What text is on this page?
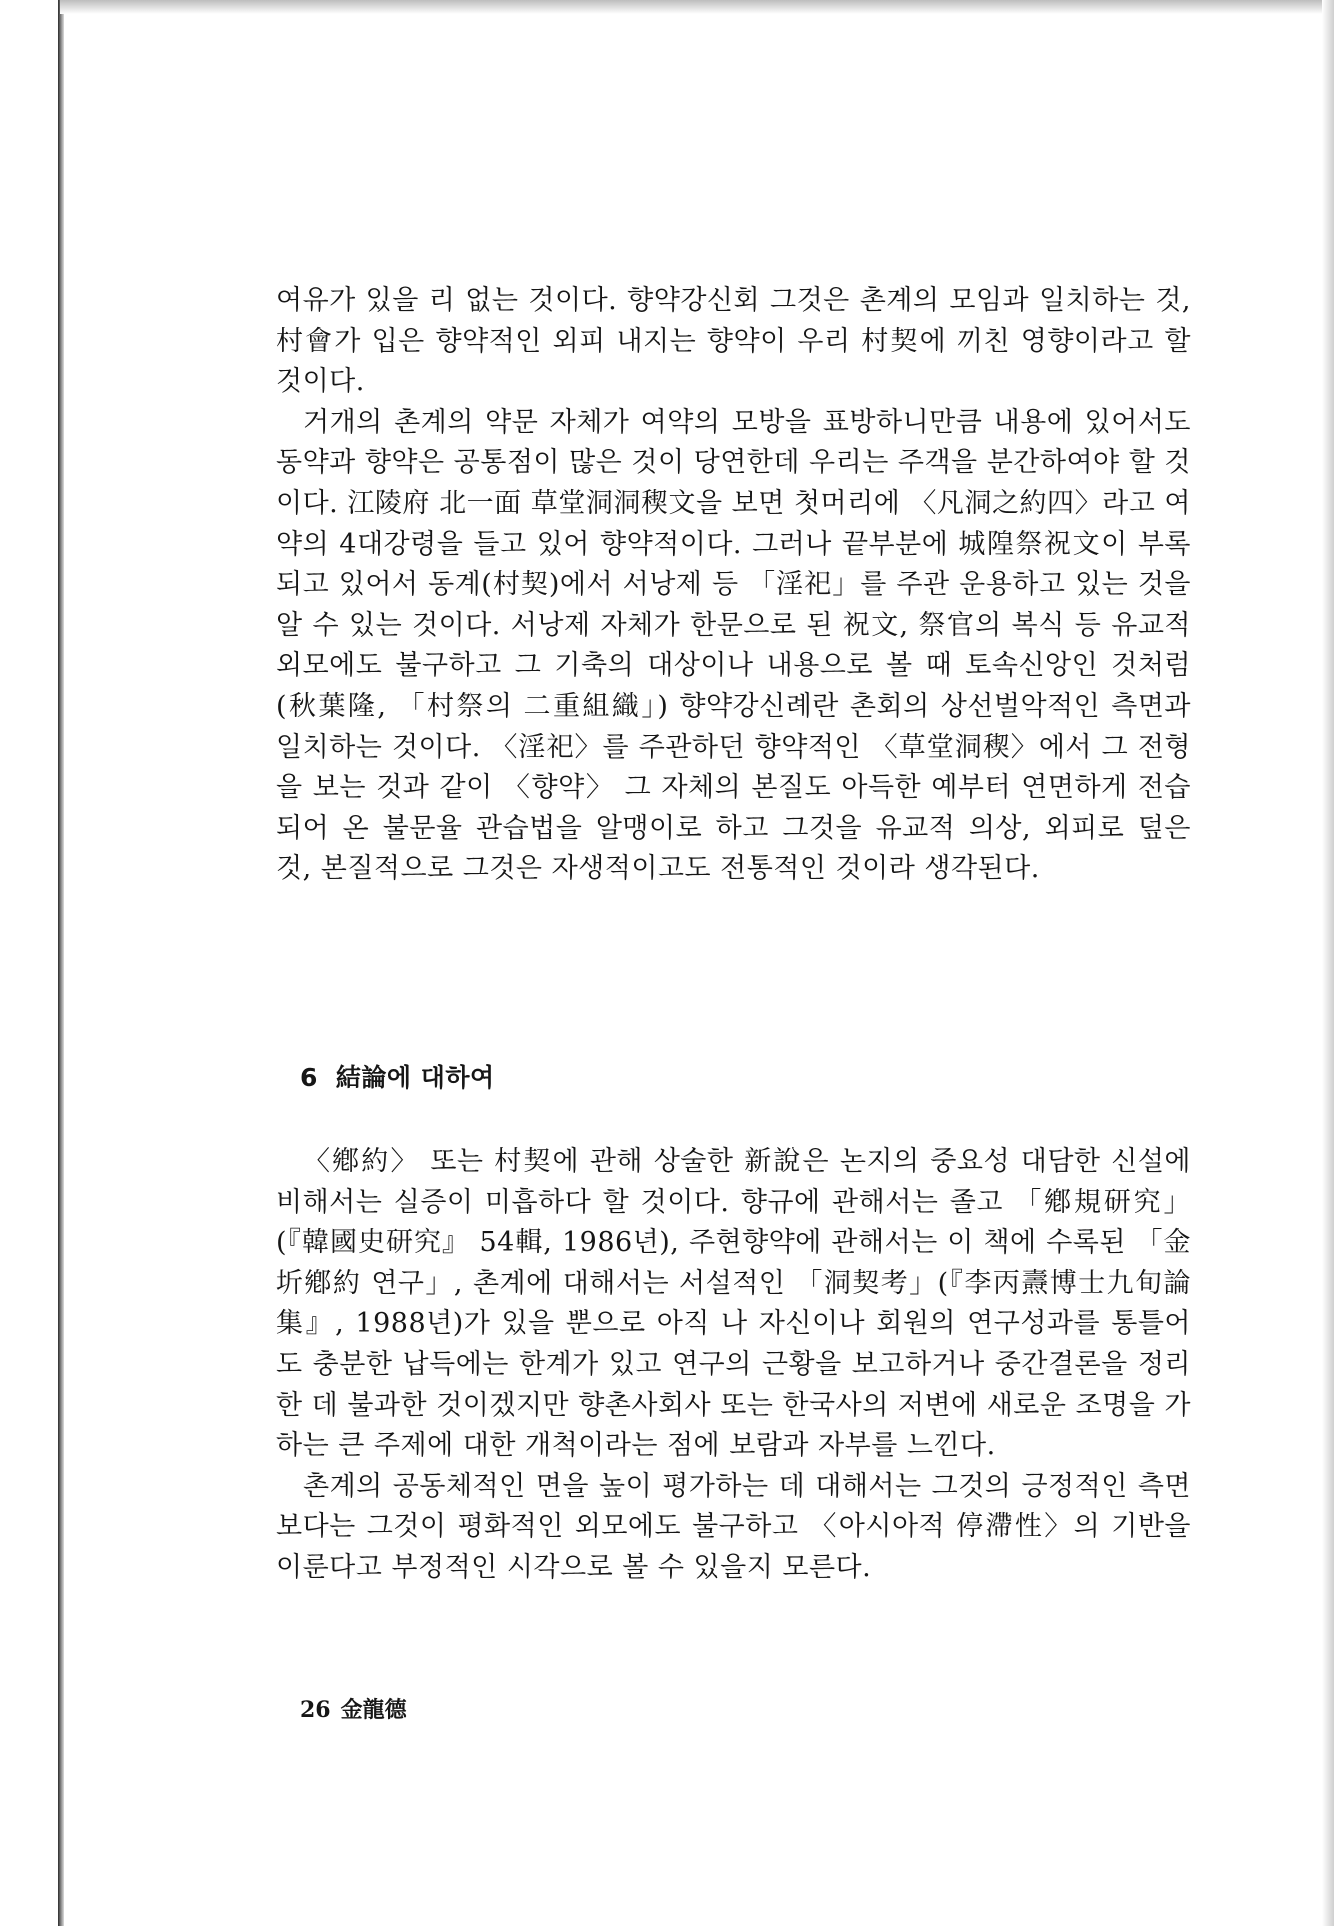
여유가 있을 리 없는 것이다. 향약강신회 그것은 촌계의 모임과 일치하는 것, 村會가 입은 향약적인 외피 내지는 향약이 우리 村契에 끼친 영향이라고 할 것이다.

거개의 촌계의 약문 자체가 여약의 모방을 표방하니만큼 내용에 있어서도 동약과 향약은 공통점이 많은 것이 당연한데 우리는 주객을 분간하여야 할 것이다. 江陵府 北一面 草堂洞洞稧文을 보면 첫머리에 〈凡洞之約四〉라고 여약의 4대강령을 들고 있어 향약적이다. 그러나 끝부분에 城隍祭祝文이 부록되고 있어서 동계(村契)에서 서낭제 등 「淫祀」를 주관 운용하고 있는 것을 알 수 있는 것이다. 서낭제 자체가 한문으로 된 祝文, 祭官의 복식 등 유교적 외모에도 불구하고 그 기축의 대상이나 내용으로 볼 때 토속신앙인 것처럼(秋葉隆, 「村祭의 二重組織」) 향약강신례란 촌회의 상선벌악적인 측면과 일치하는 것이다. 〈淫祀〉를 주관하던 향약적인 〈草堂洞稧〉에서 그 전형을 보는 것과 같이 〈향약〉 그 자체의 본질도 아득한 예부터 연면하게 전습되어 온 불문율 관습법을 알맹이로 하고 그것을 유교적 의상, 외피로 덮은 것, 본질적으로 그것은 자생적이고도 전통적인 것이라 생각된다.

6 結論에 대하여

〈鄕約〉 또는 村契에 관해 상술한 新說은 논지의 중요성 대담한 신설에 비해서는 실증이 미흡하다 할 것이다. 향규에 관해서는 졸고 「鄕規研究」(『韓國史研究』 54輯, 1986년), 주현향약에 관해서는 이 책에 수록된 「金圻鄕約 연구」, 촌계에 대해서는 서설적인 「洞契考」(『李丙燾博士九旬論集』, 1988년)가 있을 뿐으로 아직 나 자신이나 회원의 연구성과를 통틀어도 충분한 납득에는 한계가 있고 연구의 근황을 보고하거나 중간결론을 정리한 데 불과한 것이겠지만 향촌사회사 또는 한국사의 저변에 새로운 조명을 가하는 큰 주제에 대한 개척이라는 점에 보람과 자부를 느낀다.

촌계의 공동체적인 면을 높이 평가하는 데 대해서는 그것의 긍정적인 측면보다는 그것이 평화적인 외모에도 불구하고 〈아시아적 停滯性〉의 기반을 이룬다고 부정적인 시각으로 볼 수 있을지 모른다.

26 金龍德
